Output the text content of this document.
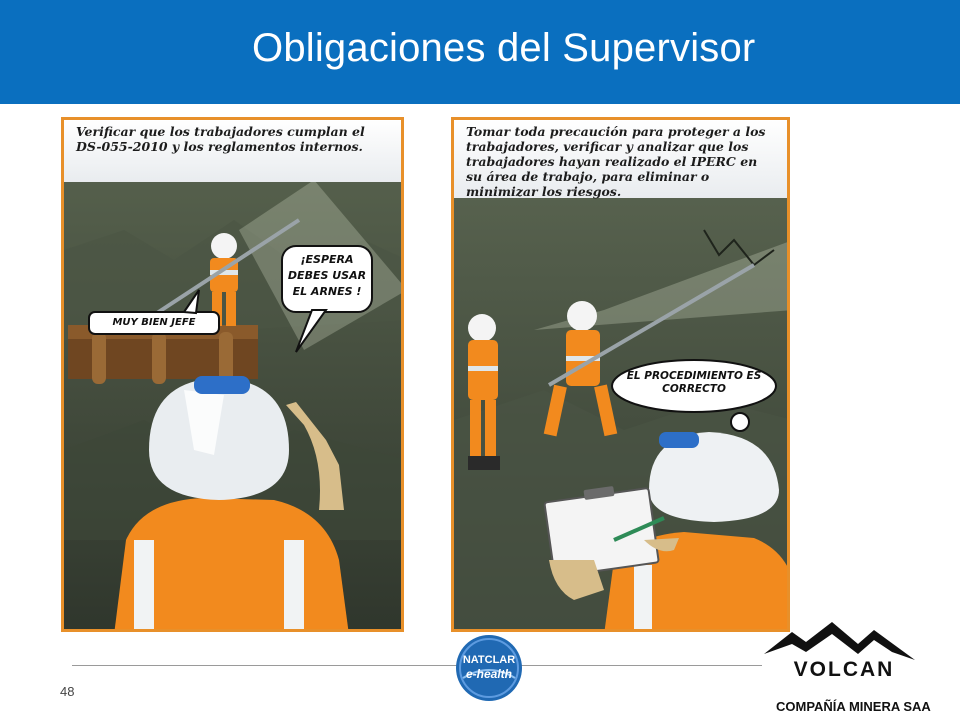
Obligaciones del Supervisor
Verificar que los trabajadores cumplan el DS-055-2010 y los reglamentos internos.
MUY BIEN JEFE
¡ESPERA DEBES USAR EL ARNES !
Tomar toda precaución para proteger a los trabajadores, verificar y analizar que los trabajadores hayan realizado el IPERC en su área de trabajo, para eliminar o minimizar los riesgos.
EL PROCEDIMIENTO ES CORRECTO
48
NATCLAR
e-health	VOLCAN
COMPAÑÍA MINERA SAA
